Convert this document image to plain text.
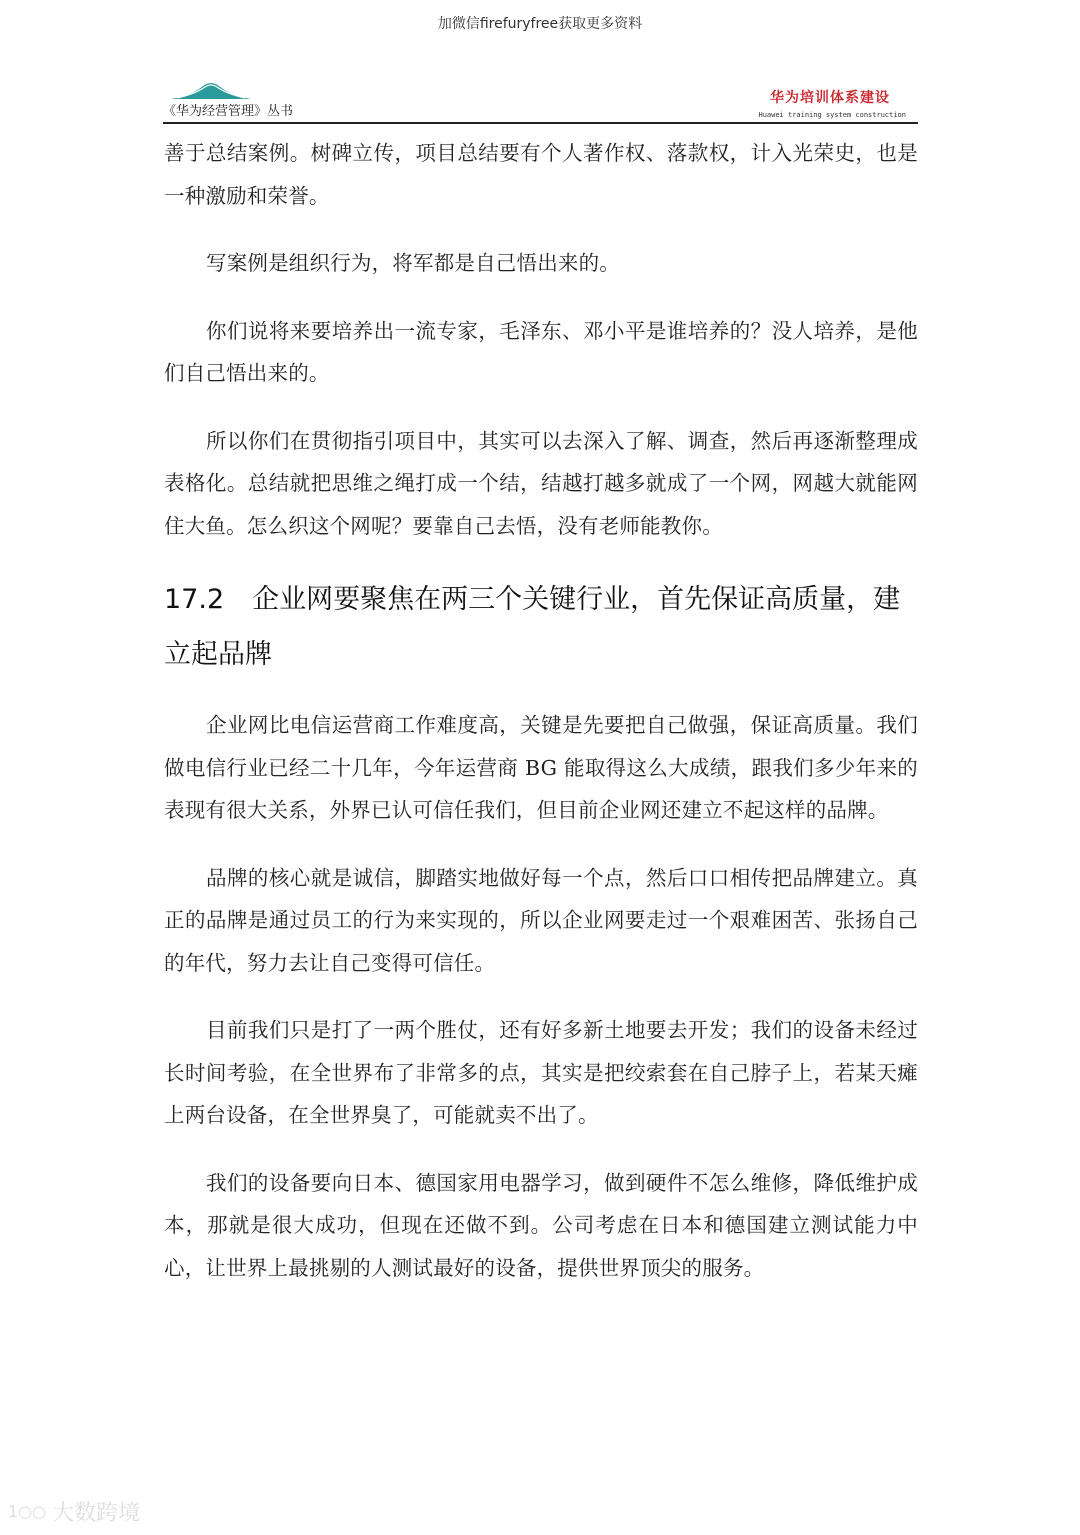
加微信firefuryfree获取更多资料
《华为经营管理》丛书
华为培训体系建设
Huawei training system construction

善于总结案例。树碑立传，项目总结要有个人著作权、落款权，计入光荣史，也是一种激励和荣誉。

写案例是组织行为，将军都是自己悟出来的。

你们说将来要培养出一流专家，毛泽东、邓小平是谁培养的？没人培养，是他们自己悟出来的。

所以你们在贯彻指引项目中，其实可以去深入了解、调查，然后再逐渐整理成表格化。总结就把思维之绳打成一个结，结越打越多就成了一个网，网越大就能网住大鱼。怎么织这个网呢？要靠自己去悟，没有老师能教你。

17.2 企业网要聚焦在两三个关键行业，首先保证高质量，建立起品牌

企业网比电信运营商工作难度高，关键是先要把自己做强，保证高质量。我们做电信行业已经二十几年，今年运营商 BG 能取得这么大成绩，跟我们多少年来的表现有很大关系，外界已认可信任我们，但目前企业网还建立不起这样的品牌。

品牌的核心就是诚信，脚踏实地做好每一个点，然后口口相传把品牌建立。真正的品牌是通过员工的行为来实现的，所以企业网要走过一个艰难困苦、张扬自己的年代，努力去让自己变得可信任。

目前我们只是打了一两个胜仗，还有好多新土地要去开发；我们的设备未经过长时间考验，在全世界布了非常多的点，其实是把绞索套在自己脖子上，若某天瘫上两台设备，在全世界臭了，可能就卖不出了。

我们的设备要向日本、德国家用电器学习，做到硬件不怎么维修，降低维护成本，那就是很大成功，但现在还做不到。公司考虑在日本和德国建立测试能力中心，让世界上最挑剔的人测试最好的设备，提供世界顶尖的服务。

1○○ 大数跨境
